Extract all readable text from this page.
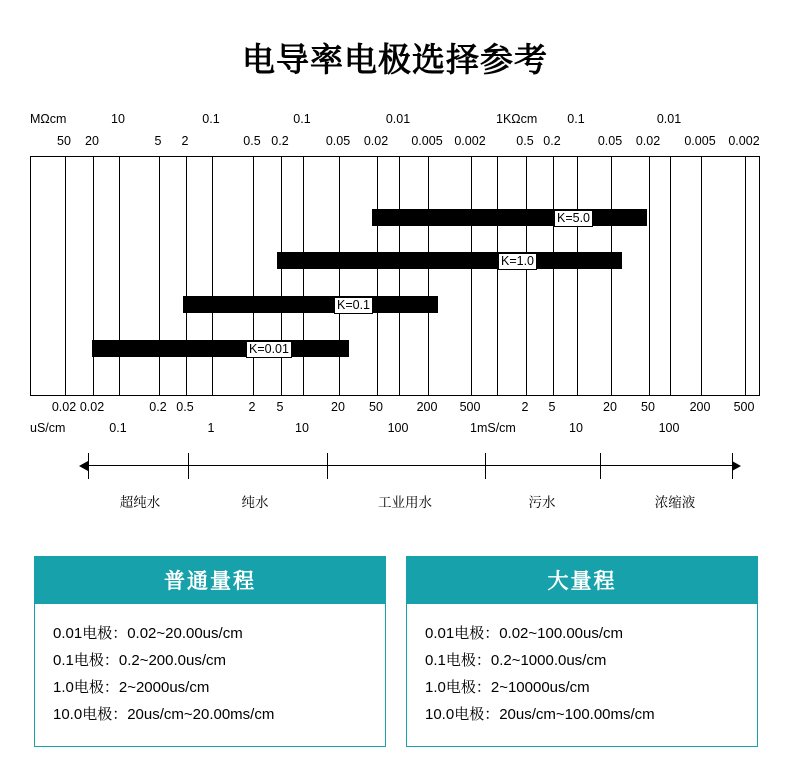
电导率电极选择参考
MΩcm	1KΩcm
10	0.1	0.1	0.01	0.1	0.01
50 20	5 2	0.5 0.2	0.05 0.02 0.005 0.002 0.5 0.2	0.05 0.02 0.005 0.002
K=5.0
K=1.0
K=0.1
K=0.01
0.02 0.02	0.2 0.5	2 5	20 50	200 500	2 5	20 50	200 500
0.1	1	10	100	10	100
uS/cm	1mS/cm
超纯水	纯水	工业用水	污水	浓缩液
普通量程
0.01电极：0.02~20.00us/cm
0.1电极：0.2~200.0us/cm
1.0电极：2~2000us/cm
10.0电极：20us/cm~20.00ms/cm
大量程
0.01电极：0.02~100.00us/cm
0.1电极：0.2~1000.0us/cm
1.0电极：2~10000us/cm
10.0电极：20us/cm~100.00ms/cm
